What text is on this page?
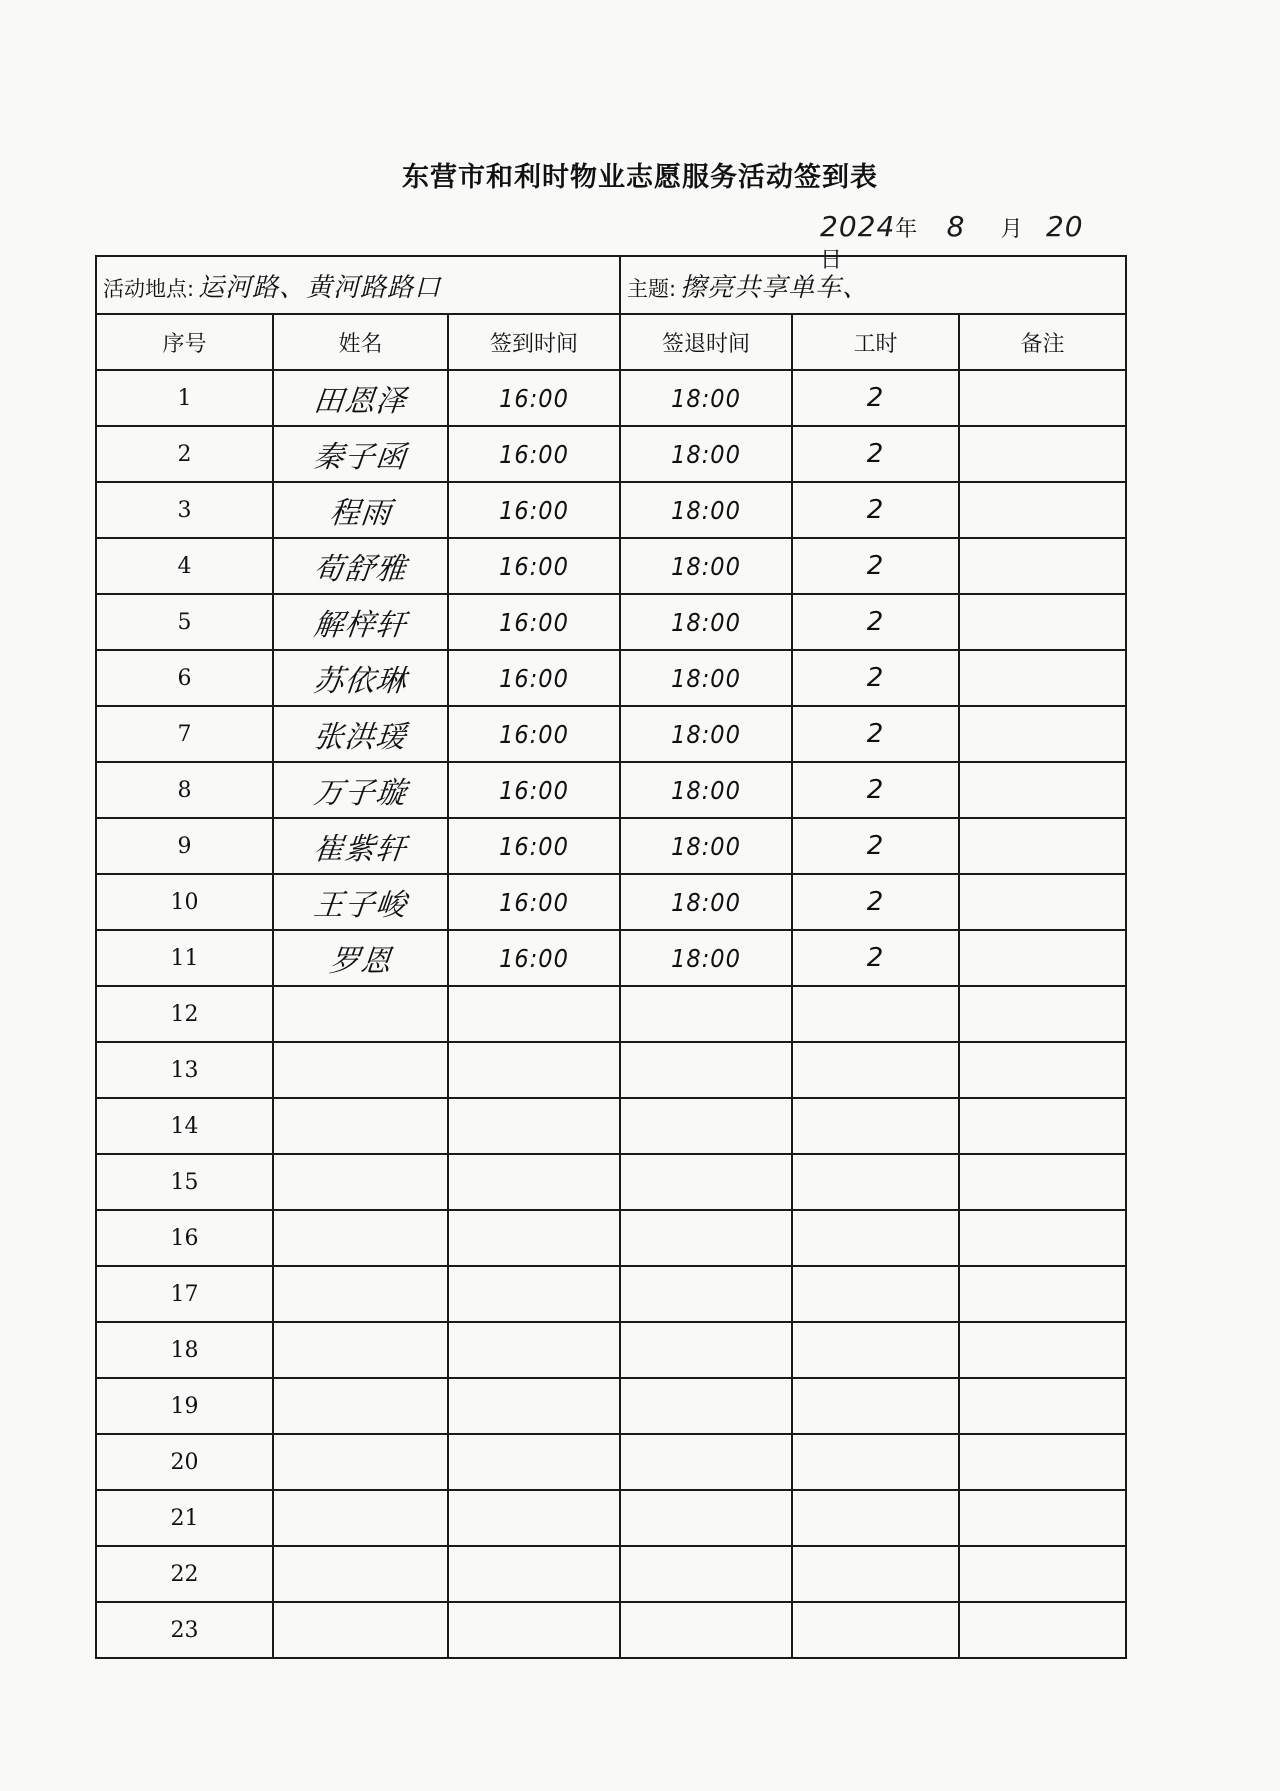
东营市和利时物业志愿服务活动签到表
2024年 8 月 20  日
活动地点: 运河路、黄河路路口			主题: 擦亮共享单车、		
序号	姓名	签到时间	签退时间	工时	备注
1	田恩泽	16:00	18:00	2	
2	秦子函	16:00	18:00	2	
3	程雨	16:00	18:00	2	
4	荀舒雅	16:00	18:00	2	
5	解梓轩	16:00	18:00	2	
6	苏依琳	16:00	18:00	2	
7	张洪瑗	16:00	18:00	2	
8	万子璇	16:00	18:00	2	
9	崔紫轩	16:00	18:00	2	
10	王子峻	16:00	18:00	2	
11	罗恩	16:00	18:00	2	
12					
13					
14					
15					
16					
17					
18					
19					
20					
21					
22					
23					
